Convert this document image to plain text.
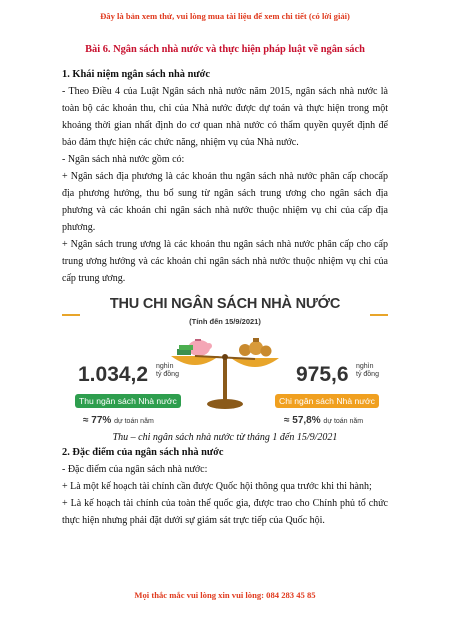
Đây là bản xem thử, vui lòng mua tài liệu để xem chi tiết (có lời giải)

Bài 6. Ngân sách nhà nước và thực hiện pháp luật về ngân sách

1. Khái niệm ngân sách nhà nước

- Theo Điều 4 của Luật Ngân sách nhà nước năm 2015, ngân sách nhà nước là toàn bộ các khoản thu, chi của Nhà nước được dự toán và thực hiện trong một khoảng thời gian nhất định do cơ quan nhà nước có thẩm quyền quyết định để bảo đảm thực hiện các chức năng, nhiệm vụ của Nhà nước.

- Ngân sách nhà nước gồm có:

+ Ngân sách địa phương là các khoản thu ngân sách nhà nước phân cấp chocấp địa phương hưởng, thu bổ sung từ ngân sách trung ương cho ngân sách địa phương và các khoản chi ngân sách nhà nước thuộc nhiệm vụ chi của cấp địa phương.

+ Ngân sách trung ương là các khoản thu ngân sách nhà nước phân cấp cho cấp trung ương hưởng và các khoản chi ngân sách nhà nước thuộc nhiệm vụ chi của cấp trung ương.

THU CHI NGÂN SÁCH NHÀ NƯỚC
(Tính đến 15/9/2021)
1.034,2 nghìn
tỷ đồng
Thu ngân sách Nhà nước
≈ 77% dự toán năm
975,6 nghìn
tỷ đồng
Chi ngân sách Nhà nước
≈ 57,8% dự toán năm

Thu – chi ngân sách nhà nước từ tháng 1 đến 15/9/2021

2. Đặc điểm của ngân sách nhà nước

- Đặc điểm của ngân sách nhà nước:

+ Là một kế hoạch tài chính cần được Quốc hội thông qua trước khi thi hành;

+ Là kế hoạch tài chính của toàn thể quốc gia, được trao cho Chính phủ tổ chức thực hiện nhưng phải đặt dưới sự giám sát trực tiếp của Quốc hội.

Mọi thắc mắc vui lòng xin vui lòng: 084 283 45 85
